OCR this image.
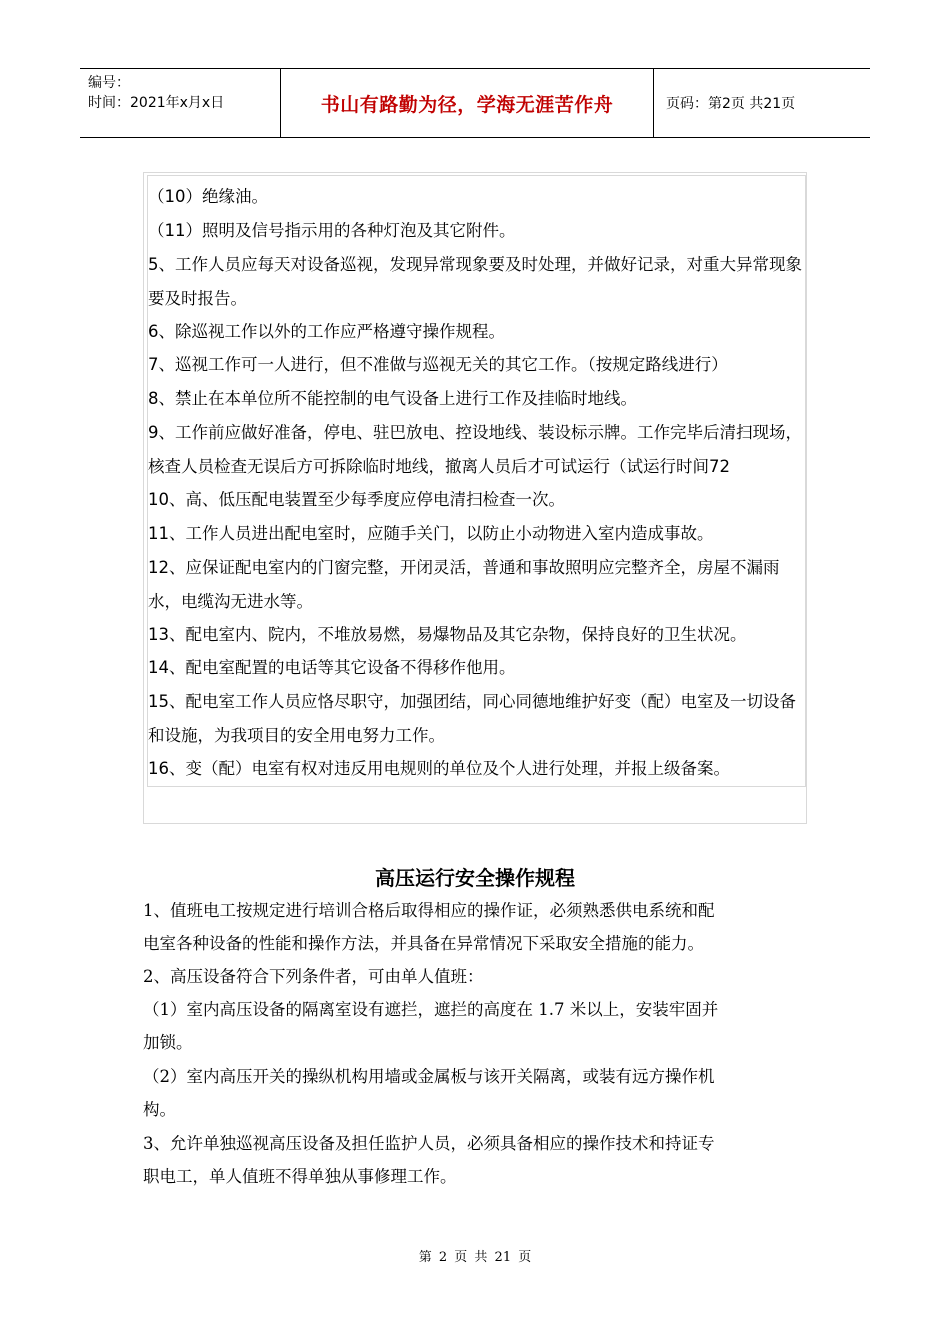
编号：
时间：2021年x月x日	书山有路勤为径，学海无涯苦作舟	页码：第2页 共21页
（10）绝缘油。
（11）照明及信号指示用的各种灯泡及其它附件。
5、工作人员应每天对设备巡视，发现异常现象要及时处理，并做好记录，对重大异常现象
要及时报告。
6、除巡视工作以外的工作应严格遵守操作规程。
7、巡视工作可一人进行，但不准做与巡视无关的其它工作。（按规定路线进行）
8、禁止在本单位所不能控制的电气设备上进行工作及挂临时地线。
9、工作前应做好准备，停电、驻巴放电、控设地线、装设标示牌。工作完毕后清扫现场，
核查人员检查无误后方可拆除临时地线，撤离人员后才可试运行（试运行时间72
10、高、低压配电装置至少每季度应停电清扫检查一次。
11、工作人员进出配电室时，应随手关门，以防止小动物进入室内造成事故。
12、应保证配电室内的门窗完整，开闭灵活，普通和事故照明应完整齐全，房屋不漏雨
水，电缆沟无进水等。
13、配电室内、院内，不堆放易燃，易爆物品及其它杂物，保持良好的卫生状况。
14、配电室配置的电话等其它设备不得移作他用。
15、配电室工作人员应恪尽职守，加强团结，同心同德地维护好变（配）电室及一切设备
和设施，为我项目的安全用电努力工作。
16、变（配）电室有权对违反用电规则的单位及个人进行处理，并报上级备案。
高压运行安全操作规程
1、值班电工按规定进行培训合格后取得相应的操作证，必须熟悉供电系统和配
电室各种设备的性能和操作方法，并具备在异常情况下采取安全措施的能力。
2、高压设备符合下列条件者，可由单人值班：
（1）室内高压设备的隔离室设有遮拦，遮拦的高度在 1.7 米以上，安装牢固并
加锁。
（2）室内高压开关的操纵机构用墙或金属板与该开关隔离，或装有远方操作机
构。
3、允许单独巡视高压设备及担任监护人员，必须具备相应的操作技术和持证专
职电工，单人值班不得单独从事修理工作。
第 2 页 共 21 页
